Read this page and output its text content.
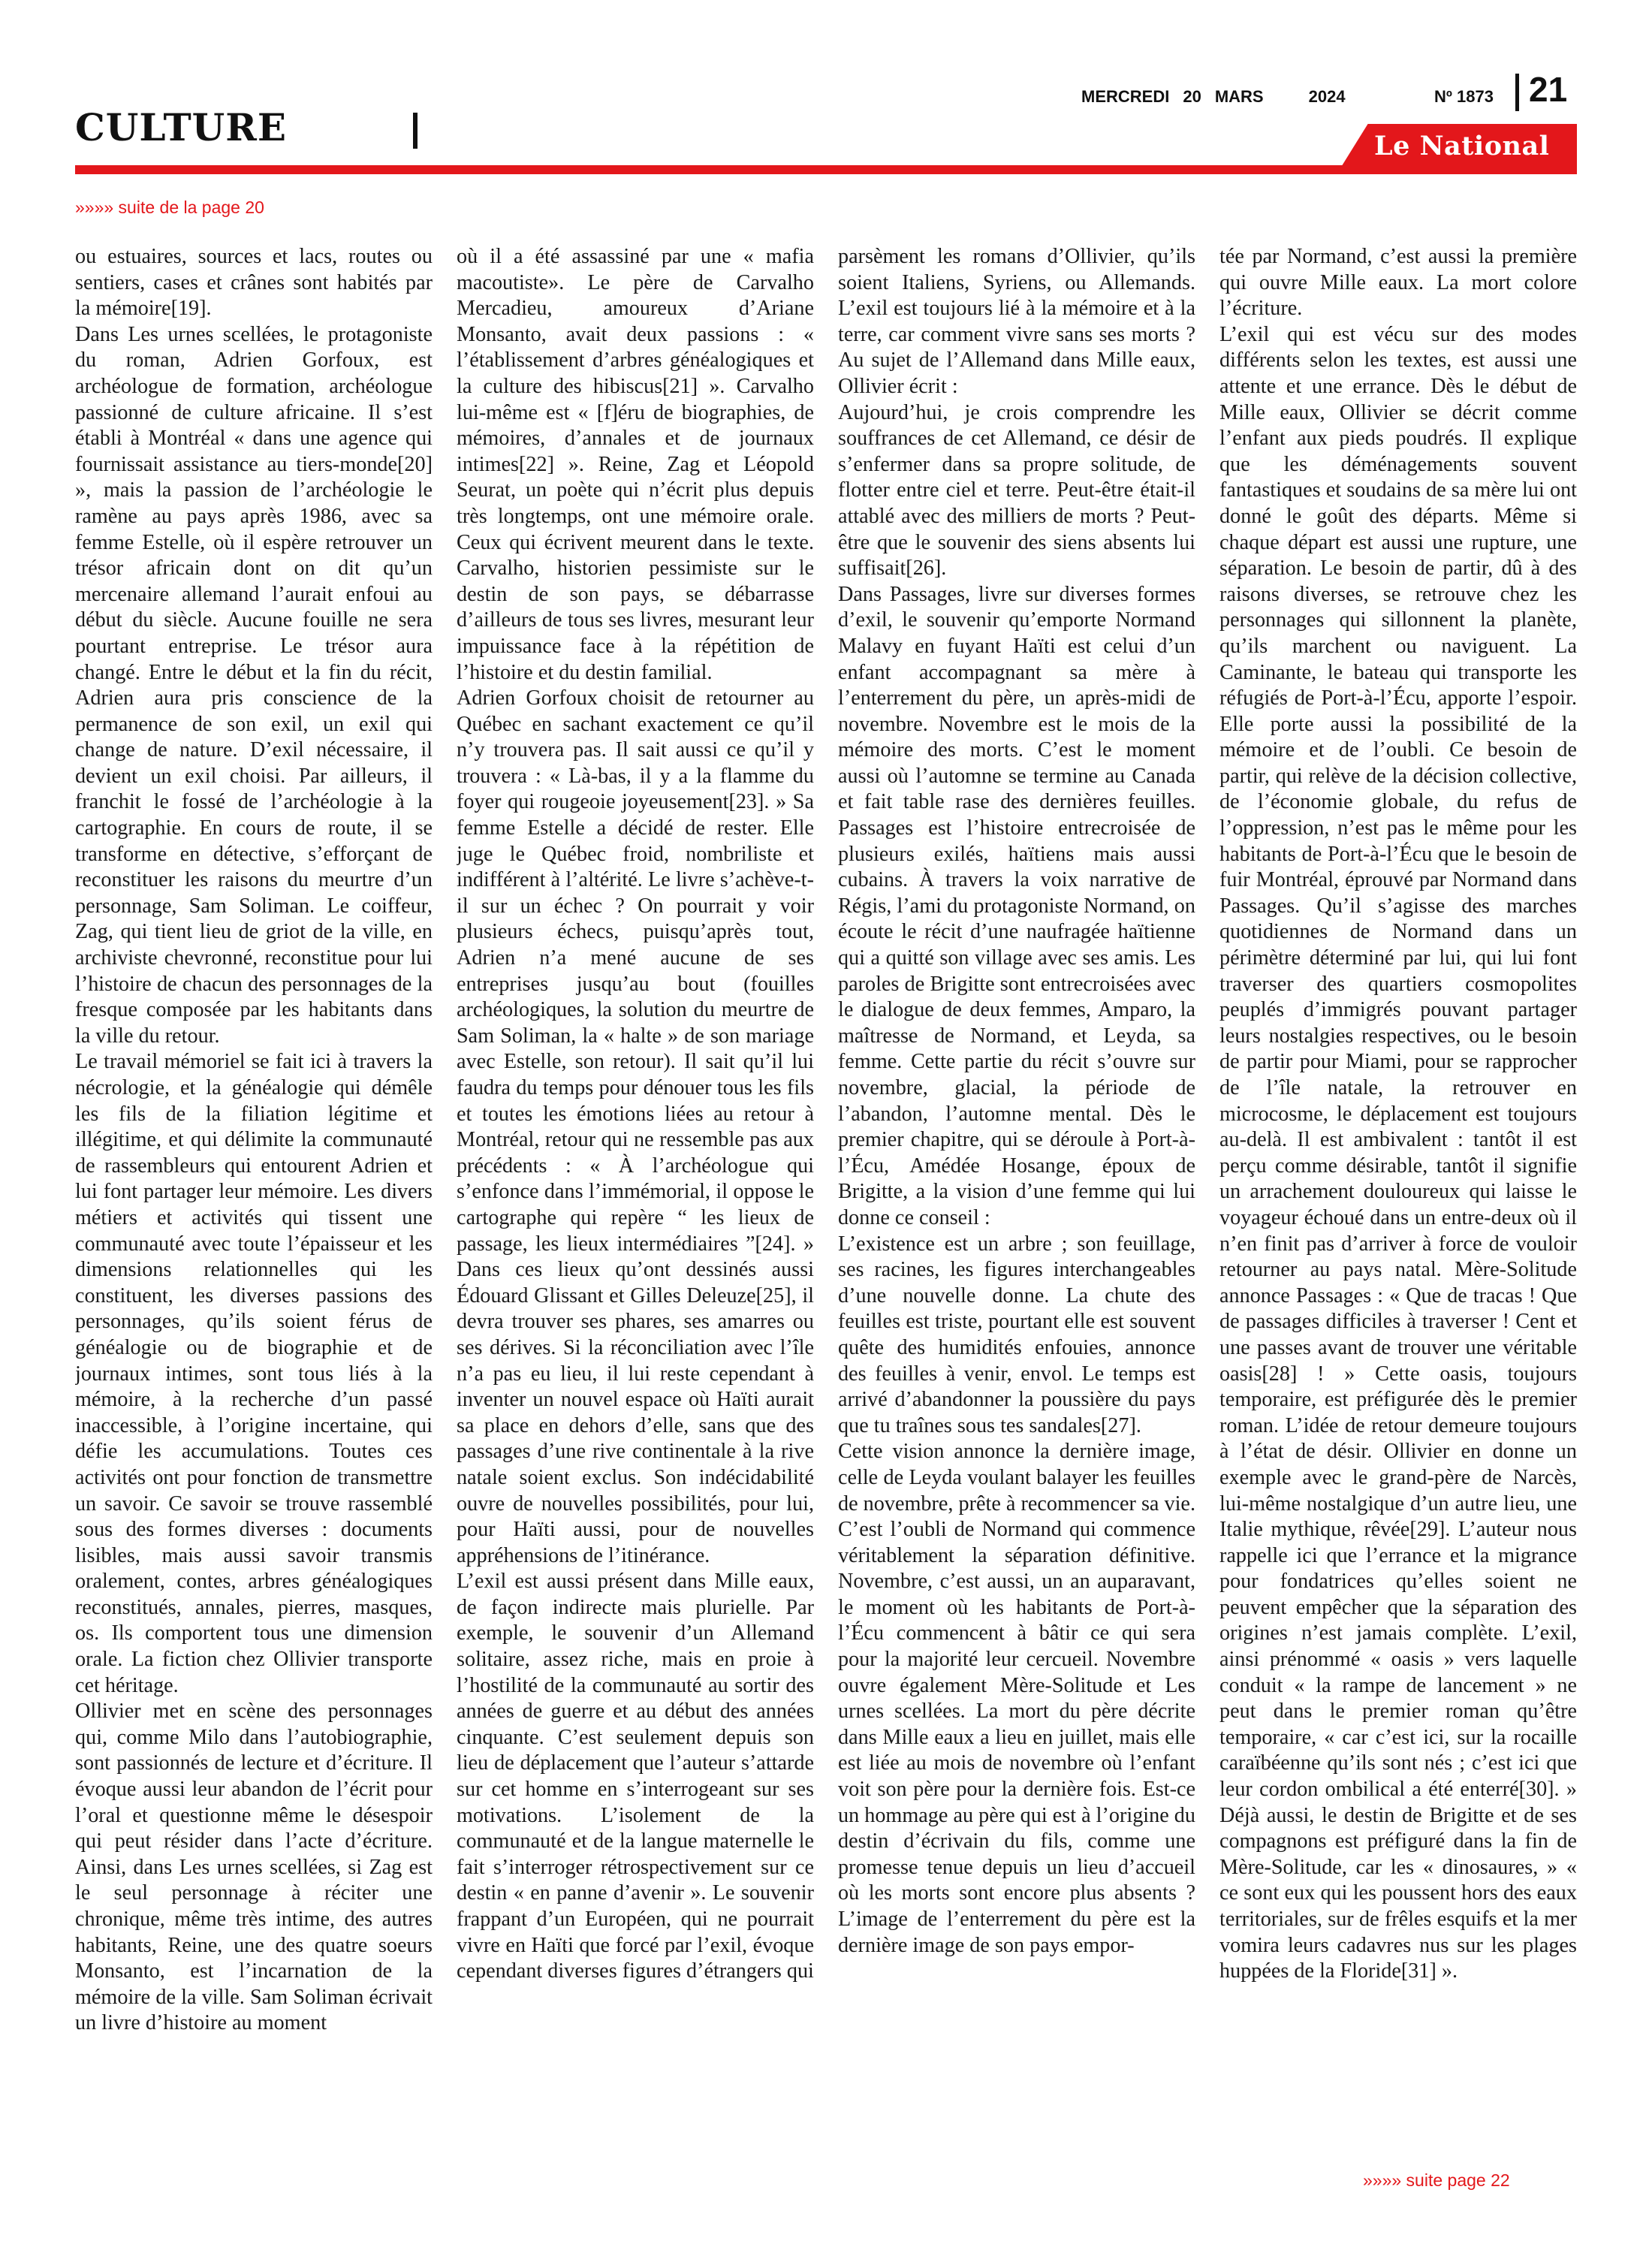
CULTURE
MERCREDI 20 MARS	2024	Nº 1873 21
Le National
»»»» suite de la page 20

ou estuaires, sources et lacs, routes ou sentiers, cases et crânes sont habités par la mémoire[19].

Dans Les urnes scellées, le protagoniste du roman, Adrien Gorfoux, est archéologue de formation, archéologue passionné de culture africaine. Il s’est établi à Montréal « dans une agence qui fournissait assistance au tiers-monde[20] », mais la passion de l’archéologie le ramène au pays après 1986, avec sa femme Estelle, où il espère retrouver un trésor africain dont on dit qu’un mercenaire allemand l’aurait enfoui au début du siècle. Aucune fouille ne sera pourtant entreprise. Le trésor aura changé. Entre le début et la fin du récit, Adrien aura pris conscience de la permanence de son exil, un exil qui change de nature. D’exil nécessaire, il devient un exil choisi. Par ailleurs, il franchit le fossé de l’archéologie à la cartographie. En cours de route, il se transforme en détective, s’efforçant de reconstituer les raisons du meurtre d’un personnage, Sam Soliman. Le coiffeur, Zag, qui tient lieu de griot de la ville, en archiviste chevronné, reconstitue pour lui l’histoire de chacun des personnages de la fresque composée par les habitants dans la ville du retour.

Le travail mémoriel se fait ici à travers la nécrologie, et la généalogie qui démêle les fils de la filiation légitime et illégitime, et qui délimite la communauté de rassembleurs qui entourent Adrien et lui font partager leur mémoire. Les divers métiers et activités qui tissent une communauté avec toute l’épaisseur et les dimensions relationnelles qui les constituent, les diverses passions des personnages, qu’ils soient férus de généalogie ou de biographie et de journaux intimes, sont tous liés à la mémoire, à la recherche d’un passé inaccessible, à l’origine incertaine, qui défie les accumulations. Toutes ces activités ont pour fonction de transmettre un savoir. Ce savoir se trouve rassemblé sous des formes diverses : documents lisibles, mais aussi savoir transmis oralement, contes, arbres généalogiques reconstitués, annales, pierres, masques, os. Ils comportent tous une dimension orale. La fiction chez Ollivier transporte cet héritage.

Ollivier met en scène des personnages qui, comme Milo dans l’autobiographie, sont passionnés de lecture et d’écriture. Il évoque aussi leur abandon de l’écrit pour l’oral et questionne même le désespoir qui peut résider dans l’acte d’écriture. Ainsi, dans Les urnes scellées, si Zag est le seul personnage à réciter une chronique, même très intime, des autres habitants, Reine, une des quatre soeurs Monsanto, est l’incarnation de la mémoire de la ville. Sam Soliman écrivait un livre d’histoire au moment

où il a été assassiné par une « mafia macoutiste». Le père de Carvalho Mercadieu, amoureux d’Ariane Monsanto, avait deux passions : « l’établissement d’arbres généalogiques et la culture des hibiscus[21] ». Carvalho lui-même est « [f]éru de biographies, de mémoires, d’annales et de journaux intimes[22] ». Reine, Zag et Léopold Seurat, un poète qui n’écrit plus depuis très longtemps, ont une mémoire orale. Ceux qui écrivent meurent dans le texte. Carvalho, historien pessimiste sur le destin de son pays, se débarrasse d’ailleurs de tous ses livres, mesurant leur impuissance face à la répétition de l’histoire et du destin familial.

Adrien Gorfoux choisit de retourner au Québec en sachant exactement ce qu’il n’y trouvera pas. Il sait aussi ce qu’il y trouvera : « Là-bas, il y a la flamme du foyer qui rougeoie joyeusement[23]. » Sa femme Estelle a décidé de rester. Elle juge le Québec froid, nombriliste et indifférent à l’altérité. Le livre s’achève-t-il sur un échec ? On pourrait y voir plusieurs échecs, puisqu’après tout, Adrien n’a mené aucune de ses entreprises jusqu’au bout (fouilles archéologiques, la solution du meurtre de Sam Soliman, la « halte » de son mariage avec Estelle, son retour). Il sait qu’il lui faudra du temps pour dénouer tous les fils et toutes les émotions liées au retour à Montréal, retour qui ne ressemble pas aux précédents : « À l’archéologue qui s’enfonce dans l’immémorial, il oppose le cartographe qui repère “ les lieux de passage, les lieux intermédiaires ”[24]. » Dans ces lieux qu’ont dessinés aussi Édouard Glissant et Gilles Deleuze[25], il devra trouver ses phares, ses amarres ou ses dérives. Si la réconciliation avec l’île n’a pas eu lieu, il lui reste cependant à inventer un nouvel espace où Haïti aurait sa place en dehors d’elle, sans que des passages d’une rive continentale à la rive natale soient exclus. Son indécidabilité ouvre de nouvelles possibilités, pour lui, pour Haïti aussi, pour de nouvelles appréhensions de l’itinérance.

L’exil est aussi présent dans Mille eaux, de façon indirecte mais plurielle. Par exemple, le souvenir d’un Allemand solitaire, assez riche, mais en proie à l’hostilité de la communauté au sortir des années de guerre et au début des années cinquante. C’est seulement depuis son lieu de déplacement que l’auteur s’attarde sur cet homme en s’interrogeant sur ses motivations. L’isolement de la communauté et de la langue maternelle le fait s’interroger rétrospectivement sur ce destin « en panne d’avenir ». Le souvenir frappant d’un Européen, qui ne pourrait vivre en Haïti que forcé par l’exil, évoque cependant diverses figures d’étrangers qui

parsèment les romans d’Ollivier, qu’ils soient Italiens, Syriens, ou Allemands. L’exil est toujours lié à la mémoire et à la terre, car comment vivre sans ses morts ? Au sujet de l’Allemand dans Mille eaux, Ollivier écrit :

Aujourd’hui, je crois comprendre les souffrances de cet Allemand, ce désir de s’enfermer dans sa propre solitude, de flotter entre ciel et terre. Peut-être était-il attablé avec des milliers de morts ? Peut-être que le souvenir des siens absents lui suffisait[26].

Dans Passages, livre sur diverses formes d’exil, le souvenir qu’emporte Normand Malavy en fuyant Haïti est celui d’un enfant accompagnant sa mère à l’enterrement du père, un après-midi de novembre. Novembre est le mois de la mémoire des morts. C’est le moment aussi où l’automne se termine au Canada et fait table rase des dernières feuilles. Passages est l’histoire entrecroisée de plusieurs exilés, haïtiens mais aussi cubains. À travers la voix narrative de Régis, l’ami du protagoniste Normand, on écoute le récit d’une naufragée haïtienne qui a quitté son village avec ses amis. Les paroles de Brigitte sont entrecroisées avec le dialogue de deux femmes, Amparo, la maîtresse de Normand, et Leyda, sa femme. Cette partie du récit s’ouvre sur novembre, glacial, la période de l’abandon, l’automne mental. Dès le premier chapitre, qui se déroule à Port-à-l’Écu, Amédée Hosange, époux de Brigitte, a la vision d’une femme qui lui donne ce conseil :

L’existence est un arbre ; son feuillage, ses racines, les figures interchangeables d’une nouvelle donne. La chute des feuilles est triste, pourtant elle est souvent quête des humidités enfouies, annonce des feuilles à venir, envol. Le temps est arrivé d’abandonner la poussière du pays que tu traînes sous tes sandales[27].

Cette vision annonce la dernière image, celle de Leyda voulant balayer les feuilles de novembre, prête à recommencer sa vie. C’est l’oubli de Normand qui commence véritablement la séparation définitive. Novembre, c’est aussi, un an auparavant, le moment où les habitants de Port-à-l’Écu commencent à bâtir ce qui sera pour la majorité leur cercueil. Novembre ouvre également Mère-Solitude et Les urnes scellées. La mort du père décrite dans Mille eaux a lieu en juillet, mais elle est liée au mois de novembre où l’enfant voit son père pour la dernière fois. Est-ce un hommage au père qui est à l’origine du destin d’écrivain du fils, comme une promesse tenue depuis un lieu d’accueil où les morts sont encore plus absents ? L’image de l’enterrement du père est la dernière image de son pays empor-

tée par Normand, c’est aussi la première qui ouvre Mille eaux. La mort colore l’écriture.

L’exil qui est vécu sur des modes différents selon les textes, est aussi une attente et une errance. Dès le début de Mille eaux, Ollivier se décrit comme l’enfant aux pieds poudrés. Il explique que les déménagements souvent fantastiques et soudains de sa mère lui ont donné le goût des départs. Même si chaque départ est aussi une rupture, une séparation. Le besoin de partir, dû à des raisons diverses, se retrouve chez les personnages qui sillonnent la planète, qu’ils marchent ou naviguent. La Caminante, le bateau qui transporte les réfugiés de Port-à-l’Écu, apporte l’espoir. Elle porte aussi la possibilité de la mémoire et de l’oubli. Ce besoin de partir, qui relève de la décision collective, de l’économie globale, du refus de l’oppression, n’est pas le même pour les habitants de Port-à-l’Écu que le besoin de fuir Montréal, éprouvé par Normand dans Passages. Qu’il s’agisse des marches quotidiennes de Normand dans un périmètre déterminé par lui, qui lui font traverser des quartiers cosmopolites peuplés d’immigrés pouvant partager leurs nostalgies respectives, ou le besoin de partir pour Miami, pour se rapprocher de l’île natale, la retrouver en microcosme, le déplacement est toujours au-delà. Il est ambivalent : tantôt il est perçu comme désirable, tantôt il signifie un arrachement douloureux qui laisse le voyageur échoué dans un entre-deux où il n’en finit pas d’arriver à force de vouloir retourner au pays natal. Mère-Solitude annonce Passages : « Que de tracas ! Que de passages difficiles à traverser ! Cent et une passes avant de trouver une véritable oasis[28] ! » Cette oasis, toujours temporaire, est préfigurée dès le premier roman. L’idée de retour demeure toujours à l’état de désir. Ollivier en donne un exemple avec le grand-père de Narcès, lui-même nostalgique d’un autre lieu, une Italie mythique, rêvée[29]. L’auteur nous rappelle ici que l’errance et la migrance pour fondatrices qu’elles soient ne peuvent empêcher que la séparation des origines n’est jamais complète. L’exil, ainsi prénommé « oasis » vers laquelle conduit « la rampe de lancement » ne peut dans le premier roman qu’être temporaire, « car c’est ici, sur la rocaille caraïbéenne qu’ils sont nés ; c’est ici que leur cordon ombilical a été enterré[30]. » Déjà aussi, le destin de Brigitte et de ses compagnons est préfiguré dans la fin de Mère-Solitude, car les « dinosaures, » « ce sont eux qui les poussent hors des eaux territoriales, sur de frêles esquifs et la mer vomira leurs cadavres nus sur les plages huppées de la Floride[31] ».

»»»» suite page 22
